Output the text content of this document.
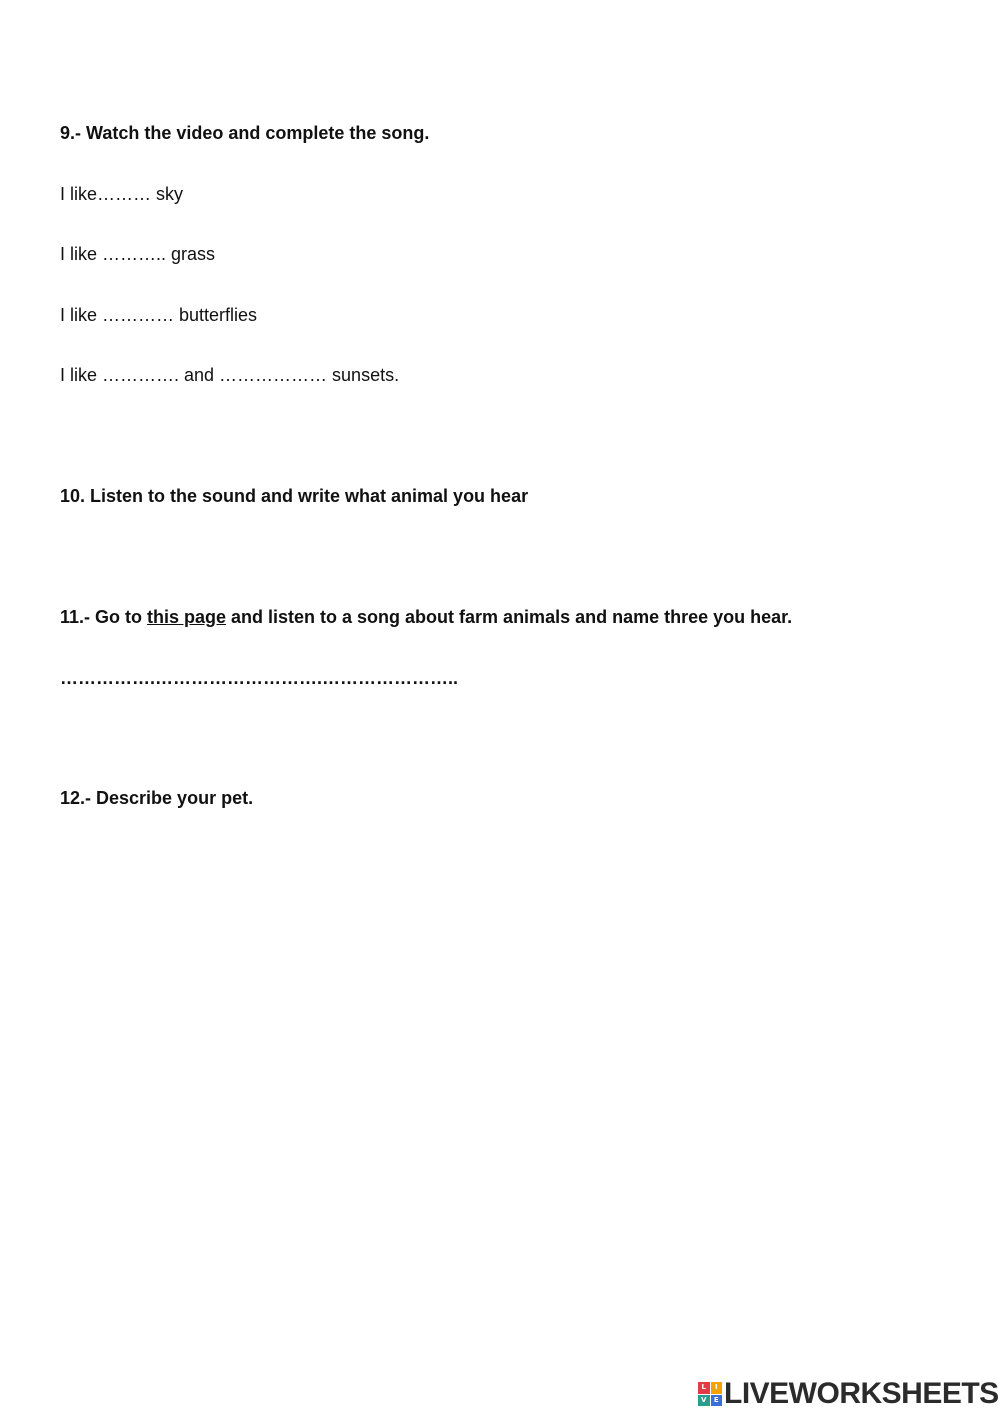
9.- Watch the video and complete the song.
I like……… sky
I like ……….. grass
I like ………… butterflies
I like …………. and ……………… sunsets.
10. Listen to the sound and write what animal you hear
11.- Go to this page and listen to a song about farm animals and name three you hear.
…………….……………………….…………………..
12.- Describe your pet.
L	I
V	E LIVEWORKSHEETS
